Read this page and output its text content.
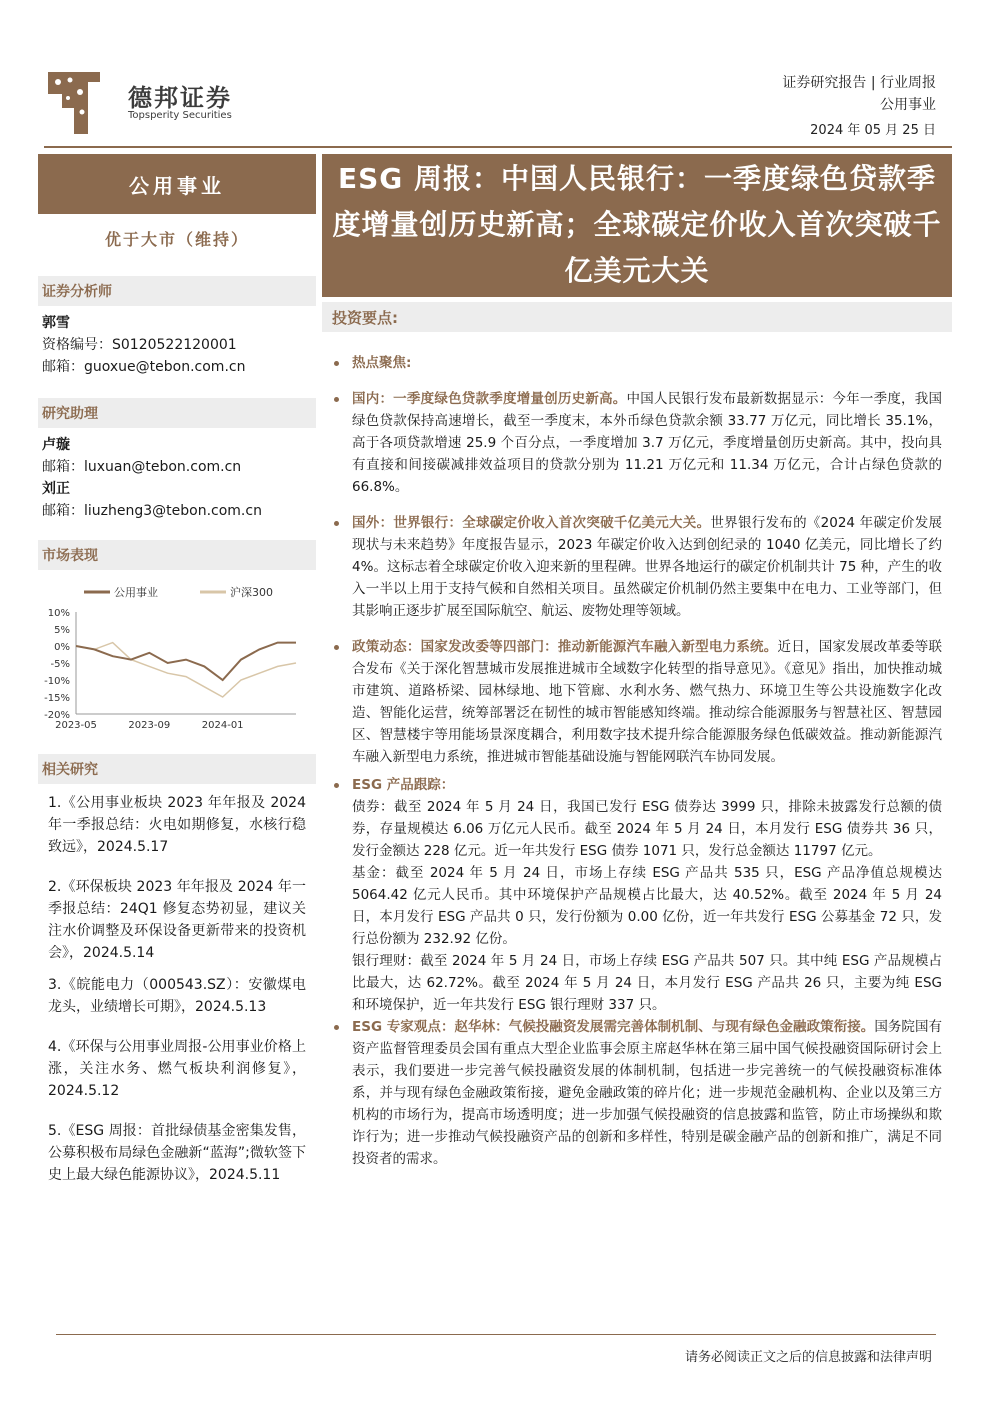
德邦证券
Topsperity Securities
证券研究报告 | 行业周报
公用事业
2024 年 05 月 25 日
公用事业
优于大市（维持）
证券分析师
郭雪
资格编号：S0120522120001
邮箱：guoxue@tebon.com.cn
研究助理
卢璇
邮箱：luxuan@tebon.com.cn
刘正
邮箱：liuzheng3@tebon.com.cn
市场表现
公用事业	沪深300
10%
5%
0%
-5%
-10%
-15%
-20%
2023-05	2023-09	2024-01
相关研究
1.《公用事业板块 2023 年年报及 2024 年一季报总结：火电如期修复，水核行稳致远》，2024.5.17
2.《环保板块 2023 年年报及 2024 年一季报总结：24Q1 修复态势初显，建议关注水价调整及环保设备更新带来的投资机会》，2024.5.14
3.《皖能电力（000543.SZ）：安徽煤电龙头，业绩增长可期》，2024.5.13
4.《环保与公用事业周报-公用事业价格上涨，关注水务、燃气板块利润修复》，2024.5.12
5.《ESG 周报：首批绿债基金密集发售，公募积极布局绿色金融新“蓝海”;微软签下史上最大绿色能源协议》，2024.5.11
ESG 周报：中国人民银行：一季度绿色贷款季度增量创历史新高；全球碳定价收入首次突破千亿美元大关
投资要点:
热点聚焦:
国内：一季度绿色贷款季度增量创历史新高。中国人民银行发布最新数据显示：今年一季度，我国绿色贷款保持高速增长，截至一季度末，本外币绿色贷款余额 33.77 万亿元，同比增长 35.1%，高于各项贷款增速 25.9 个百分点，一季度增加 3.7 万亿元，季度增量创历史新高。其中，投向具有直接和间接碳减排效益项目的贷款分别为 11.21 万亿元和 11.34 万亿元，合计占绿色贷款的 66.8%。
国外：世界银行：全球碳定价收入首次突破千亿美元大关。世界银行发布的《2024 年碳定价发展现状与未来趋势》年度报告显示，2023 年碳定价收入达到创纪录的 1040 亿美元，同比增长了约 4%。这标志着全球碳定价收入迎来新的里程碑。世界各地运行的碳定价机制共计 75 种，产生的收入一半以上用于支持气候和自然相关项目。虽然碳定价机制仍然主要集中在电力、工业等部门，但其影响正逐步扩展至国际航空、航运、废物处理等领域。
政策动态：国家发改委等四部门：推动新能源汽车融入新型电力系统。近日，国家发展改革委等联合发布《关于深化智慧城市发展推进城市全域数字化转型的指导意见》。《意见》指出，加快推动城市建筑、道路桥梁、园林绿地、地下管廊、水利水务、燃气热力、环境卫生等公共设施数字化改造、智能化运营，统筹部署泛在韧性的城市智能感知终端。推动综合能源服务与智慧社区、智慧园区、智慧楼宇等用能场景深度耦合，利用数字技术提升综合能源服务绿色低碳效益。推动新能源汽车融入新型电力系统，推进城市智能基础设施与智能网联汽车协同发展。
ESG 产品跟踪：
债券：截至 2024 年 5 月 24 日，我国已发行 ESG 债券达 3999 只，排除未披露发行总额的债券，存量规模达 6.06 万亿元人民币。截至 2024 年 5 月 24 日，本月发行 ESG 债券共 36 只，发行金额达 228 亿元。近一年共发行 ESG 债券 1071 只，发行总金额达 11797 亿元。
基金：截至 2024 年 5 月 24 日，市场上存续 ESG 产品共 535 只，ESG 产品净值总规模达 5064.42 亿元人民币。其中环境保护产品规模占比最大，达 40.52%。截至 2024 年 5 月 24 日，本月发行 ESG 产品共 0 只，发行份额为 0.00 亿份，近一年共发行 ESG 公募基金 72 只，发行总份额为 232.92 亿份。
银行理财：截至 2024 年 5 月 24 日，市场上存续 ESG 产品共 507 只。其中纯 ESG 产品规模占比最大，达 62.72%。截至 2024 年 5 月 24 日，本月发行 ESG 产品共 26 只，主要为纯 ESG 和环境保护，近一年共发行 ESG 银行理财 337 只。
ESG 专家观点：赵华林：气候投融资发展需完善体制机制、与现有绿色金融政策衔接。国务院国有资产监督管理委员会国有重点大型企业监事会原主席赵华林在第三届中国气候投融资国际研讨会上表示，我们要进一步完善气候投融资发展的体制机制，包括进一步完善统一的气候投融资标准体系，并与现有绿色金融政策衔接，避免金融政策的碎片化；进一步规范金融机构、企业以及第三方机构的市场行为，提高市场透明度；进一步加强气候投融资的信息披露和监管，防止市场操纵和欺诈行为；进一步推动气候投融资产品的创新和多样性，特别是碳金融产品的创新和推广，满足不同投资者的需求。
请务必阅读正文之后的信息披露和法律声明
